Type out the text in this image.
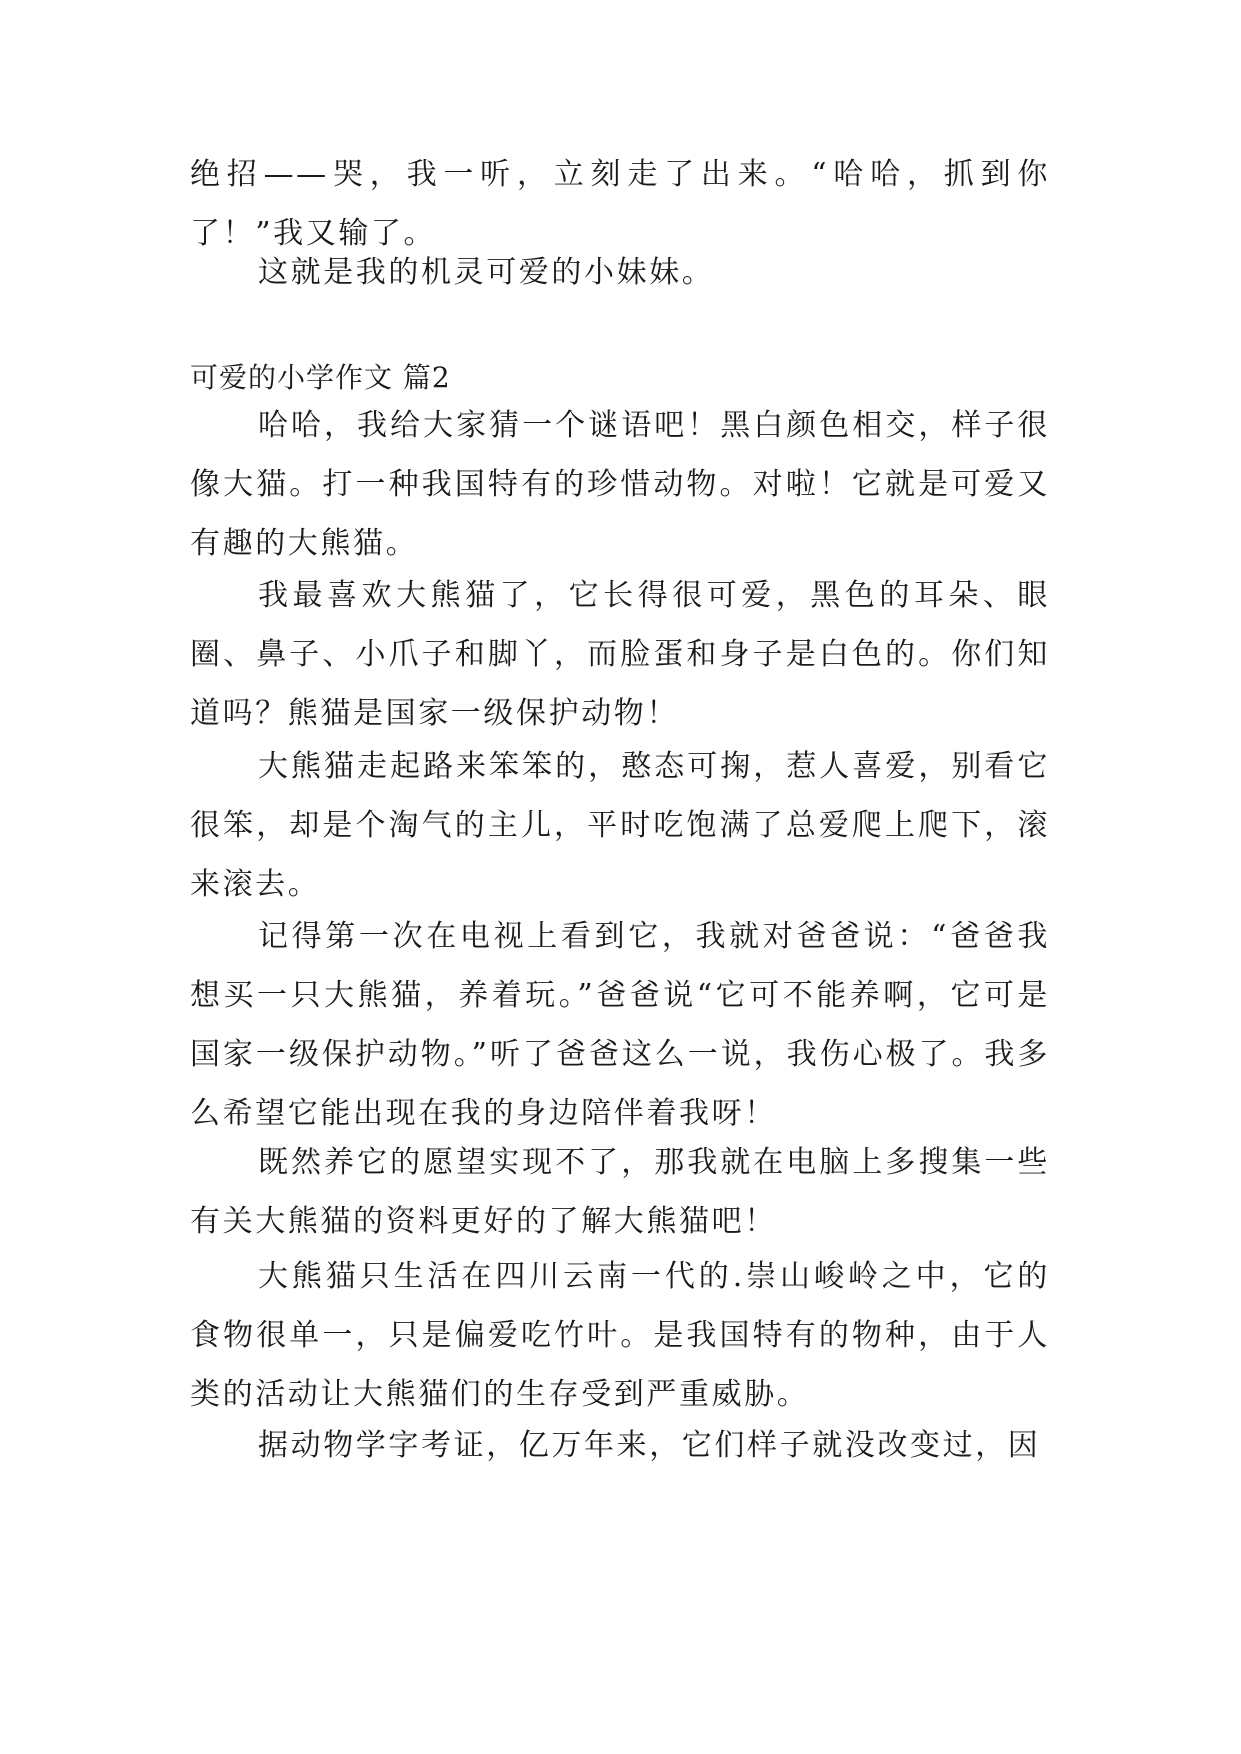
绝招——哭，我一听，立刻走了出来。“哈哈，抓到你了！”我又输了。

这就是我的机灵可爱的小妹妹。

可爱的小学作文 篇2

哈哈，我给大家猜一个谜语吧！黑白颜色相交，样子很像大猫。打一种我国特有的珍惜动物。对啦！它就是可爱又有趣的大熊猫。

我最喜欢大熊猫了，它长得很可爱，黑色的耳朵、眼圈、鼻子、小爪子和脚丫，而脸蛋和身子是白色的。你们知道吗？熊猫是国家一级保护动物！

大熊猫走起路来笨笨的，憨态可掬，惹人喜爱，别看它很笨，却是个淘气的主儿，平时吃饱满了总爱爬上爬下，滚来滚去。

记得第一次在电视上看到它，我就对爸爸说：“爸爸我想买一只大熊猫，养着玩。”爸爸说“它可不能养啊，它可是国家一级保护动物。”听了爸爸这么一说，我伤心极了。我多么希望它能出现在我的身边陪伴着我呀！

既然养它的愿望实现不了，那我就在电脑上多搜集一些有关大熊猫的资料更好的了解大熊猫吧！

大熊猫只生活在四川云南一代的.崇山峻岭之中，它的食物很单一，只是偏爱吃竹叶。是我国特有的物种，由于人类的活动让大熊猫们的生存受到严重威胁。

据动物学字考证，亿万年来，它们样子就没改变过，因
